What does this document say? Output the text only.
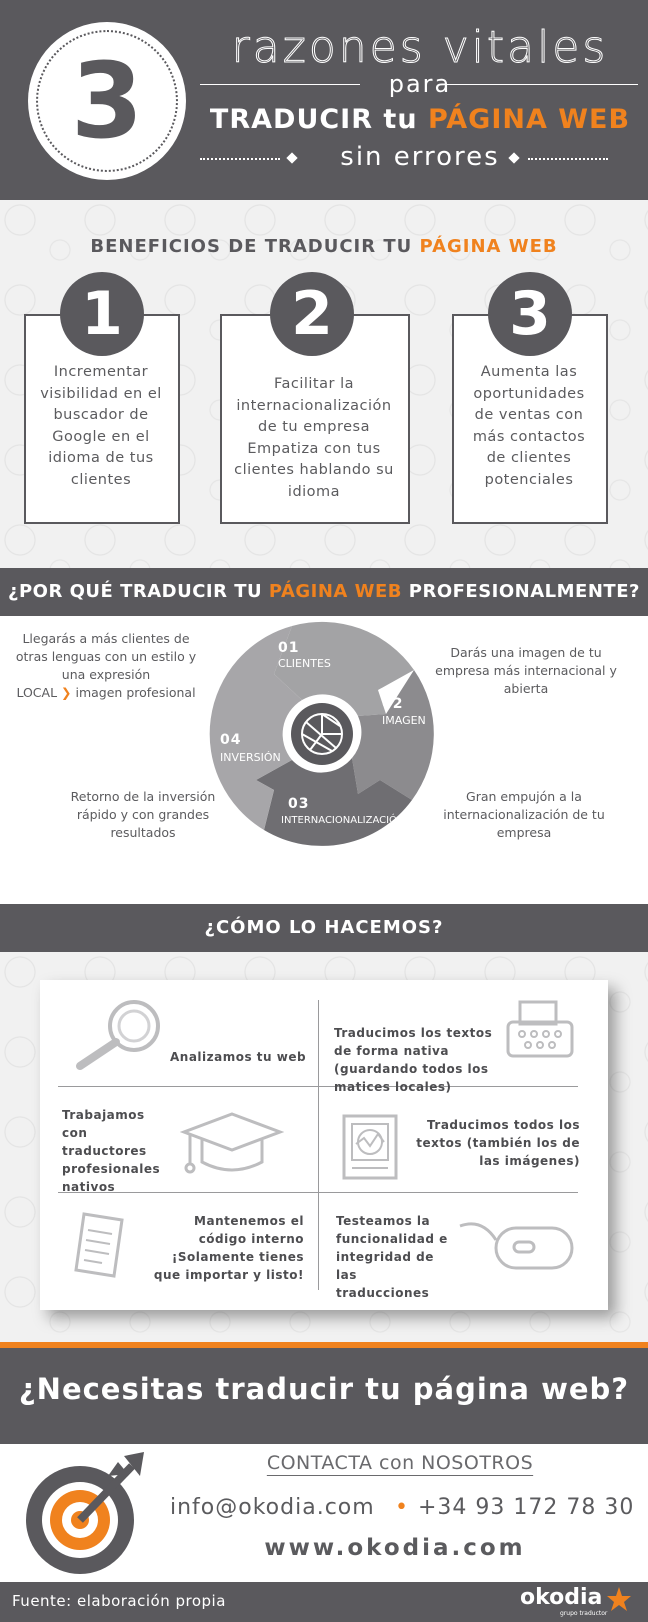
3	razones vitales
para
TRADUCIR tu PÁGINA WEB
sin errores
BENEFICIOS DE TRADUCIR TU PÁGINA WEB
1
Incrementar visibilidad en el buscador de Google en el idioma de tus clientes
2
Facilitar la internacionalización de tu empresa Empatiza con tus clientes hablando su idioma
3
Aumenta las oportunidades de ventas con más contactos de clientes potenciales
¿POR QUÉ TRADUCIR TU PÁGINA WEB PROFESIONALMENTE?
01
CLIENTES
02
IMAGEN
03
INTERNACIONALIZACIÓN
04
INVERSIÓN
Llegarás a más clientes de otras lenguas con un estilo y una expresión
LOCAL ❯ imagen profesional
Darás una imagen de tu empresa más internacional y abierta
Retorno de la inversión rápido y con grandes resultados
Gran empujón a la internacionalización de tu empresa
¿CÓMO LO HACEMOS?
Analizamos tu web
Traducimos los textos de forma nativa (guardando todos los matices locales)
Trabajamos con traductores profesionales nativos
Traducimos todos los textos (también los de las imágenes)
Mantenemos el código interno ¡Solamente tienes que importar y listo!
Testeamos la funcionalidad e integridad de las traducciones
¿Necesitas traducir tu página web?
CONTACTA con NOSOTROS
info@okodia.com • +34 93 172 78 30
www.okodia.com
Fuente: elaboración propia	okodia
grupo traductor
